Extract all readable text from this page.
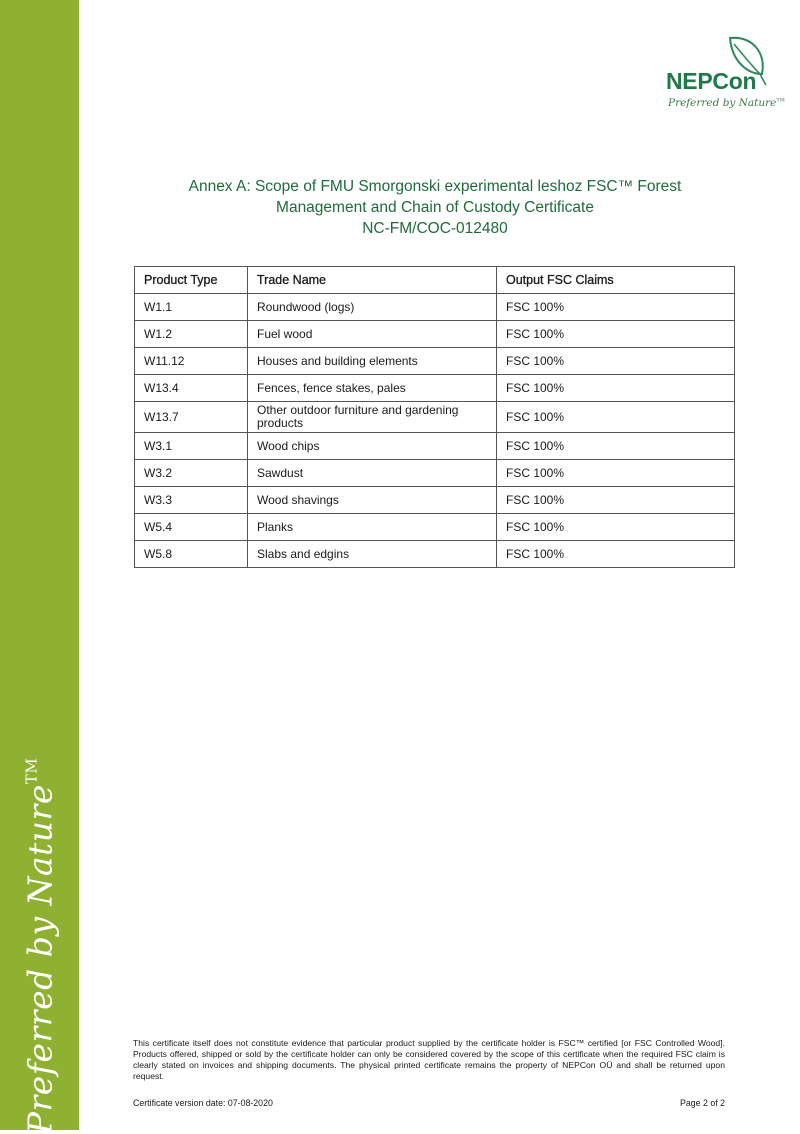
Preferred by Nature™
NEPCon
Preferred by Nature™
Annex A: Scope of FMU Smorgonski experimental leshoz FSC™ Forest
Management and Chain of Custody Certificate
NC-FM/COC-012480
Product Type	Trade Name	Output FSC Claims
W1.1	Roundwood (logs)	FSC 100%
W1.2	Fuel wood	FSC 100%
W11.12	Houses and building elements	FSC 100%
W13.4	Fences, fence stakes, pales	FSC 100%
W13.7	Other outdoor furniture and gardening products	FSC 100%
W3.1	Wood chips	FSC 100%
W3.2	Sawdust	FSC 100%
W3.3	Wood shavings	FSC 100%
W5.4	Planks	FSC 100%
W5.8	Slabs and edgins	FSC 100%
This certificate itself does not constitute evidence that particular product supplied by the certificate holder is FSC™ certified [or FSC Controlled Wood]. Products offered, shipped or sold by the certificate holder can only be considered covered by the scope of this certificate when the required FSC claim is clearly stated on invoices and shipping documents. The physical printed certificate remains the property of NEPCon OÜ and shall be returned upon request.
Certificate version date: 07-08-2020	Page 2 of 2
